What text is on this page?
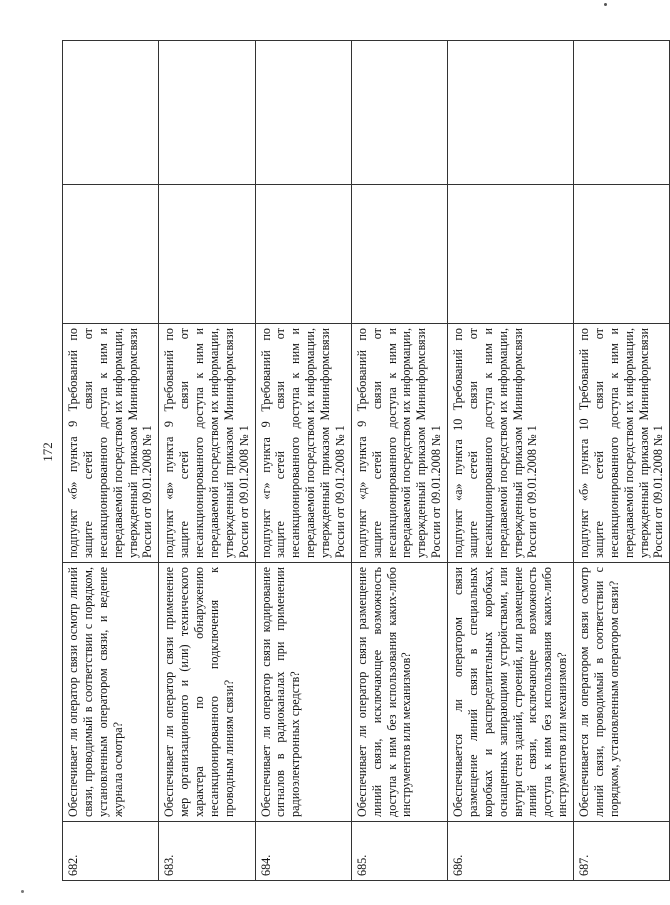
172
682.	Обеспечивает ли оператор связи осмотр линий связи, проводимый в соответствии с порядком, установленным оператором связи, и ведение журнала осмотра?	подпункт «б» пункта 9 Требований по защите сетей связи от несанкционированного доступа к ним и передаваемой посредством их информации, утвержденный приказом Мининформсвязи России от 09.01.2008 № 1		
683.	Обеспечивает ли оператор связи применение мер организационного и (или) технического характера по обнаружению несанкционированного подключения к проводным линиям связи?	подпункт «в» пункта 9 Требований по защите сетей связи от несанкционированного доступа к ним и передаваемой посредством их информации, утвержденный приказом Мининформсвязи России от 09.01.2008 № 1		
684.	Обеспечивает ли оператор связи кодирование сигналов в радиоканалах при применении радиоэлектронных средств?	подпункт «г» пункта 9 Требований по защите сетей связи от несанкционированного доступа к ним и передаваемой посредством их информации, утвержденный приказом Мининформсвязи России от 09.01.2008 № 1		
685.	Обеспечивает ли оператор связи размещение линий связи, исключающее возможность доступа к ним без использования каких-либо инструментов или механизмов?	подпункт «д» пункта 9 Требований по защите сетей связи от несанкционированного доступа к ним и передаваемой посредством их информации, утвержденный приказом Мининформсвязи России от 09.01.2008 № 1		
686.	Обеспечивается ли оператором связи размещение линий связи в специальных коробках и распределительных коробках, оснащенных запирающими устройствами, или внутри стен зданий, строений, или размещение линий связи, исключающее возможность доступа к ним без использования каких-либо инструментов или механизмов?	подпункт «а» пункта 10 Требований по защите сетей связи от несанкционированного доступа к ним и передаваемой посредством их информации, утвержденный приказом Мининформсвязи России от 09.01.2008 № 1		
687.	Обеспечивается ли оператором связи осмотр линий связи, проводимый в соответствии с порядком, установленным оператором связи?	подпункт «б» пункта 10 Требований по защите сетей связи от несанкционированного доступа к ним и передаваемой посредством их информации, утвержденный приказом Мининформсвязи России от 09.01.2008 № 1		
